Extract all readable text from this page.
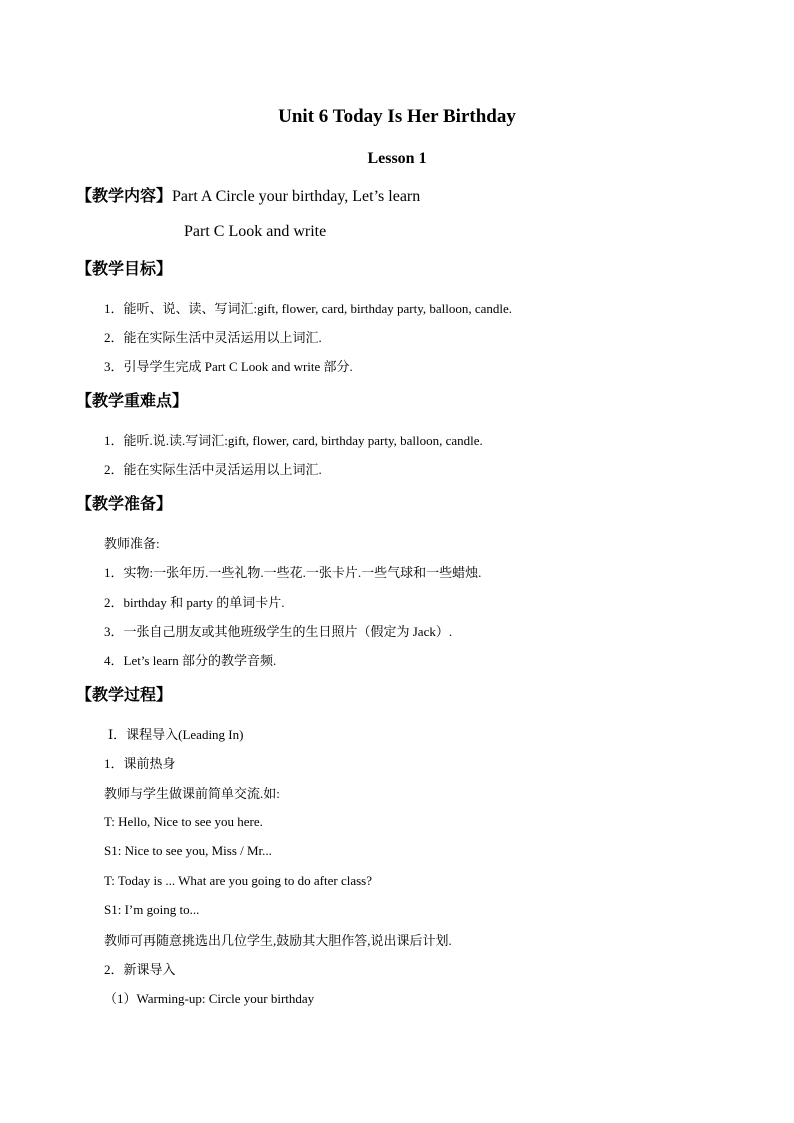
Unit 6 Today Is Her Birthday
Lesson 1
【教学内容】Part A Circle your birthday, Let’s learn
Part C Look and write
【教学目标】
1．能听、说、读、写词汇:gift, flower, card, birthday party, balloon, candle.
2．能在实际生活中灵活运用以上词汇.
3．引导学生完成 Part C Look and write 部分.
【教学重难点】
1．能听.说.读.写词汇:gift, flower, card, birthday party, balloon, candle.
2．能在实际生活中灵活运用以上词汇.
【教学准备】
教师准备:
1．实物:一张年历.一些礼物.一些花.一张卡片.一些气球和一些蜡烛.
2．birthday 和 party 的单词卡片.
3．一张自己朋友或其他班级学生的生日照片（假定为 Jack）.
4．Let’s learn 部分的教学音频.
【教学过程】
Ⅰ．课程导入(Leading In)
1．课前热身
教师与学生做课前简单交流.如:
T: Hello, Nice to see you here.
S1: Nice to see you, Miss / Mr...
T: Today is ... What are you going to do after class?
S1: I’m going to...
教师可再随意挑选出几位学生,鼓励其大胆作答,说出课后计划.
2．新课导入
（1）Warming-up: Circle your birthday
